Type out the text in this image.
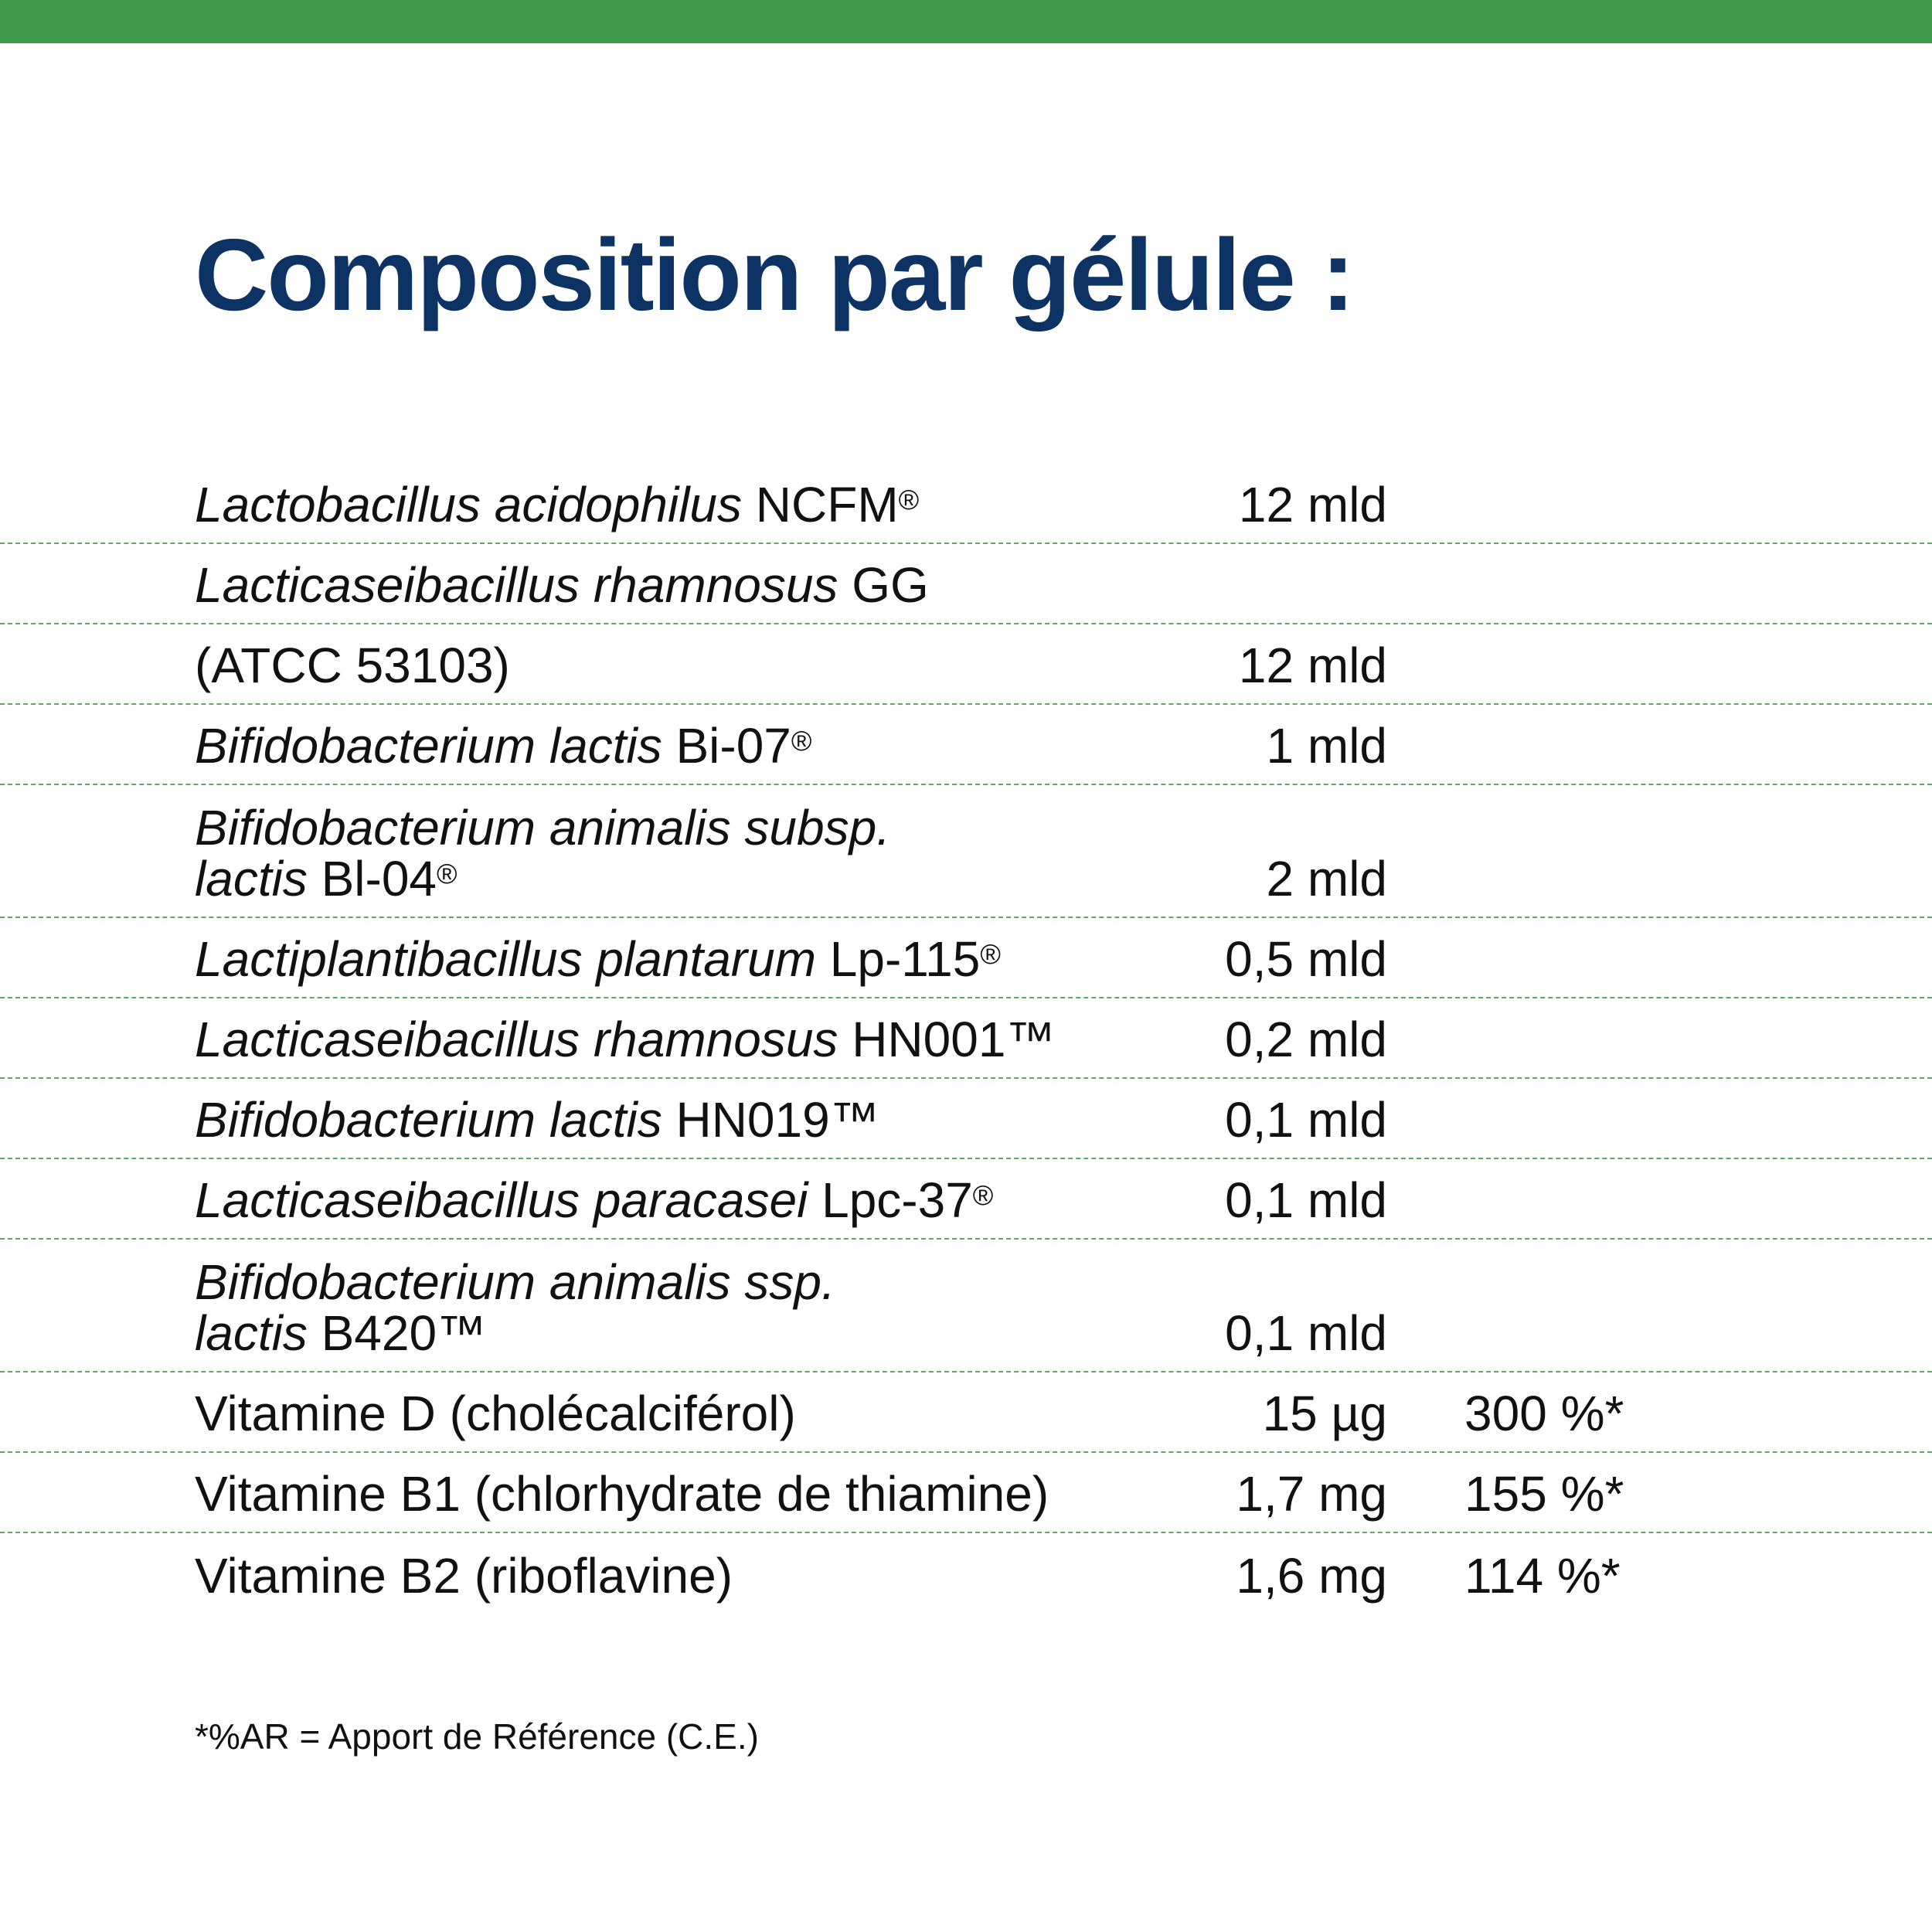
Composition par gélule :
Lactobacillus acidophilus NCFM®	12 mld
Lacticaseibacillus rhamnosus GG
(ATCC 53103)	12 mld
Bifidobacterium lactis Bi-07®	1 mld
Bifidobacterium animalis subsp.
lactis Bl-04®	2 mld
Lactiplantibacillus plantarum Lp-115®	0,5 mld
Lacticaseibacillus rhamnosus HN001™	0,2 mld
Bifidobacterium lactis HN019™	0,1 mld
Lacticaseibacillus paracasei Lpc-37®	0,1 mld
Bifidobacterium animalis ssp.
lactis B420™	0,1 mld
Vitamine D (cholécalciférol)	15 µg 300 %*
Vitamine B1 (chlorhydrate de thiamine)	1,7 mg 155 %*
Vitamine B2 (riboflavine)	1,6 mg 114 %*
*%AR = Apport de Référence (C.E.)
